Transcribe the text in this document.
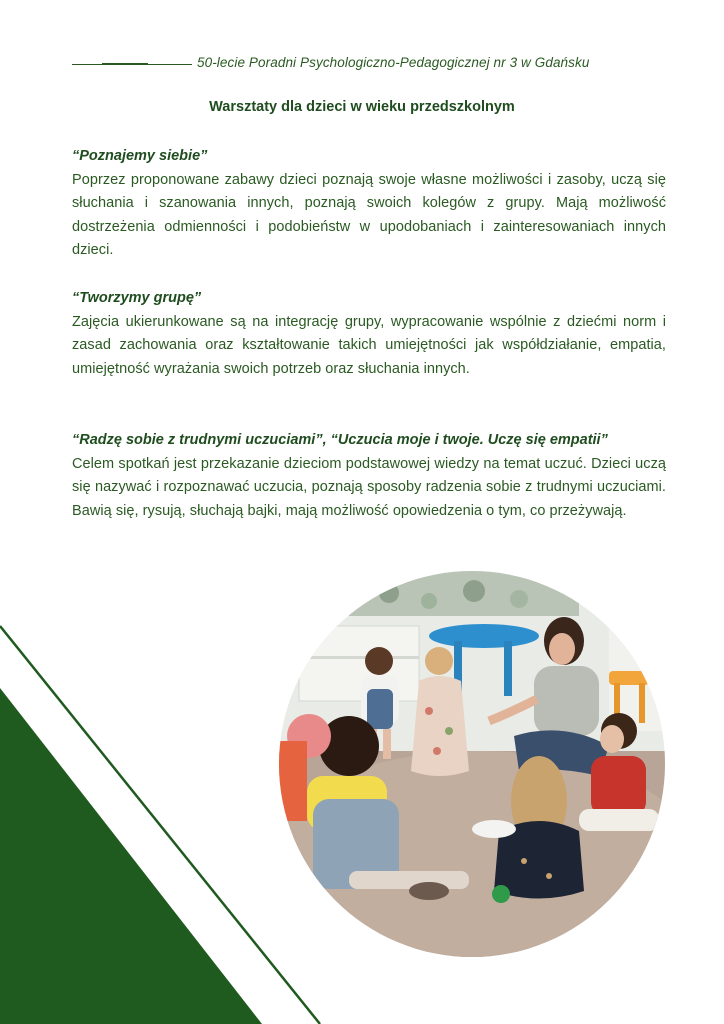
50-lecie Poradni Psychologiczno-Pedagogicznej nr 3 w Gdańsku
Warsztaty dla dzieci w wieku przedszkolnym
“Poznajemy siebie”
Poprzez proponowane zabawy dzieci poznają swoje własne możliwości i zasoby, uczą się słuchania i szanowania innych, poznają swoich kolegów z grupy. Mają możliwość dostrzeżenia odmienności i podobieństw w upodobaniach i zainteresowaniach innych dzieci.
“Tworzymy grupę”
Zajęcia ukierunkowane są na integrację grupy, wypracowanie wspólnie z dziećmi norm i zasad zachowania oraz kształtowanie takich umiejętności jak współdziałanie, empatia, umiejętność wyrażania swoich potrzeb oraz słuchania innych.
“Radzę sobie z trudnymi uczuciami”, “Uczucia moje i twoje. Uczę się empatii”
Celem spotkań jest przekazanie dzieciom podstawowej wiedzy na temat uczuć. Dzieci uczą się nazywać i rozpoznawać uczucia, poznają sposoby radzenia sobie z trudnymi uczuciami. Bawią się, rysują, słuchają bajki, mają możliwość opowiedzenia o tym, co przeżywają.
